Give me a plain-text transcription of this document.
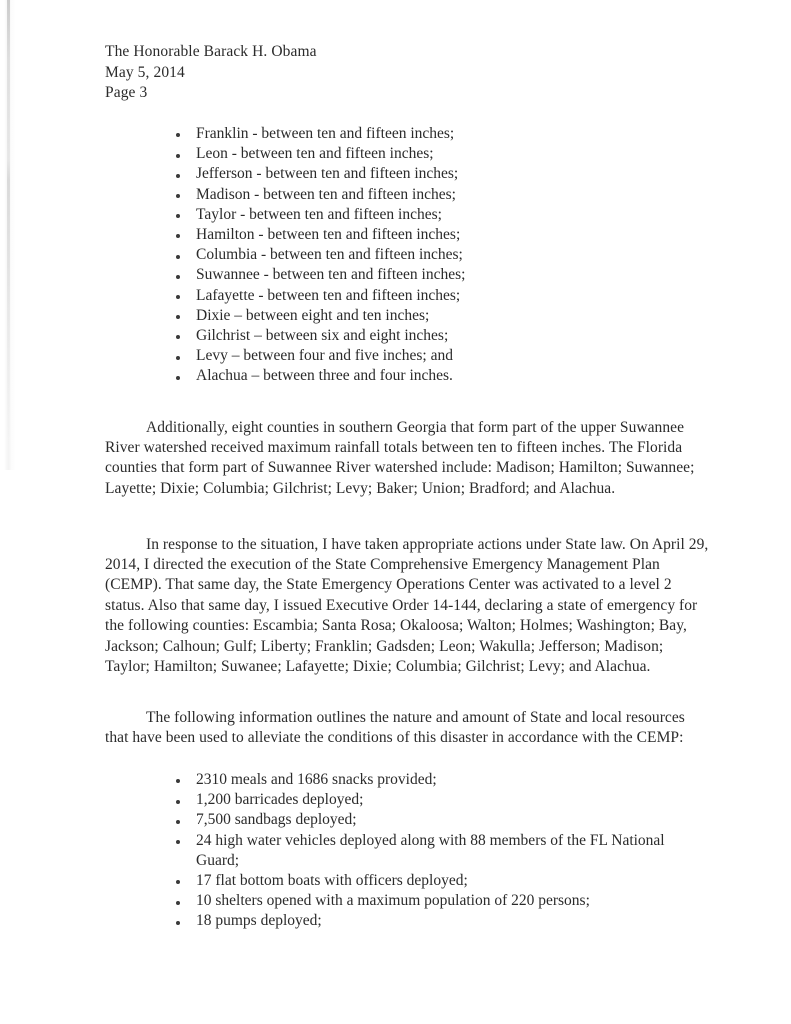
The Honorable Barack H. Obama
May 5, 2014
Page 3
Franklin - between ten and fifteen inches;
Leon - between ten and fifteen inches;
Jefferson - between ten and fifteen inches;
Madison - between ten and fifteen inches;
Taylor - between ten and fifteen inches;
Hamilton - between ten and fifteen inches;
Columbia - between ten and fifteen inches;
Suwannee - between ten and fifteen inches;
Lafayette - between ten and fifteen inches;
Dixie – between eight and ten inches;
Gilchrist – between six and eight inches;
Levy – between four and five inches; and
Alachua – between three and four inches.

Additionally, eight counties in southern Georgia that form part of the upper Suwannee River watershed received maximum rainfall totals between ten to fifteen inches. The Florida counties that form part of Suwannee River watershed include: Madison; Hamilton; Suwannee; Layette; Dixie; Columbia; Gilchrist; Levy; Baker; Union; Bradford; and Alachua.

In response to the situation, I have taken appropriate actions under State law. On April 29, 2014, I directed the execution of the State Comprehensive Emergency Management Plan (CEMP). That same day, the State Emergency Operations Center was activated to a level 2 status. Also that same day, I issued Executive Order 14-144, declaring a state of emergency for the following counties: Escambia; Santa Rosa; Okaloosa; Walton; Holmes; Washington; Bay, Jackson; Calhoun; Gulf; Liberty; Franklin; Gadsden; Leon; Wakulla; Jefferson; Madison; Taylor; Hamilton; Suwanee; Lafayette; Dixie; Columbia; Gilchrist; Levy; and Alachua.

The following information outlines the nature and amount of State and local resources that have been used to alleviate the conditions of this disaster in accordance with the CEMP:

2310 meals and 1686 snacks provided;
1,200 barricades deployed;
7,500 sandbags deployed;
24 high water vehicles deployed along with 88 members of the FL National Guard;
17 flat bottom boats with officers deployed;
10 shelters opened with a maximum population of 220 persons;
18 pumps deployed;
